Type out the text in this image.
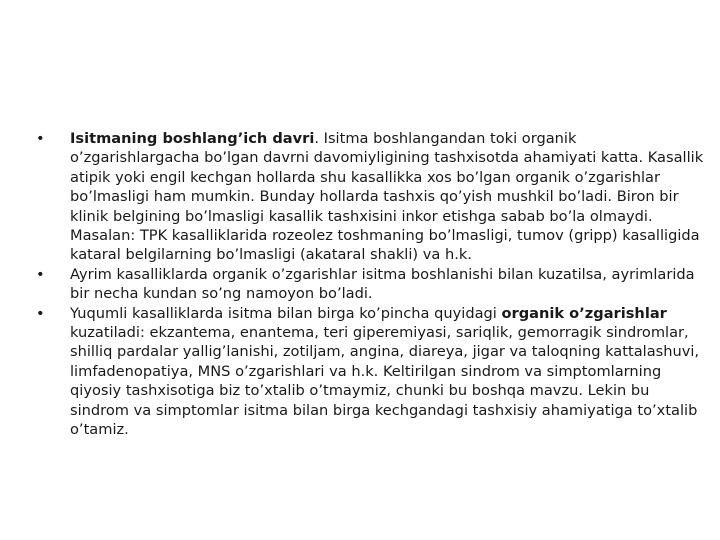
• Isitmaning boshlang’ich davri. Isitma boshlangandan toki organik o’zgarishlargacha bo’lgan davrni davomiyligining tashxisotda ahamiyati katta. Kasallik atipik yoki engil kechgan hollarda shu kasallikka xos bo’lgan organik o’zgarishlar bo’lmasligi ham mumkin. Bunday hollarda tashxis qo’yish mushkil bo’ladi. Biron bir klinik belgining bo’lmasligi kasallik tashxisini inkor etishga sabab bo’la olmaydi. Masalan: TPK kasalliklarida rozeolez toshmaning bo’lmasligi, tumov (gripp) kasalligida kataral belgilarning bo’lmasligi (akataral shakli) va h.k.
• Ayrim kasalliklarda organik o’zgarishlar isitma boshlanishi bilan kuzatilsa, ayrimlarida bir necha kundan so’ng namoyon bo’ladi.
• Yuqumli kasalliklarda isitma bilan birga ko’pincha quyidagi organik o’zgarishlar kuzatiladi: ekzantema, enantema, teri giperemiyasi, sariqlik, gemorragik sindromlar, shilliq pardalar yallig’lanishi, zotiljam, angina, diareya, jigar va taloqning kattalashuvi, limfadenopatiya, MNS o’zgarishlari va h.k. Keltirilgan sindrom va simptomlarning qiyosiy tashxisotiga biz to’xtalib o’tmaymiz, chunki bu boshqa mavzu. Lekin bu sindrom va simptomlar isitma bilan birga kechgandagi tashxisiy ahamiyatiga to’xtalib o’tamiz.
